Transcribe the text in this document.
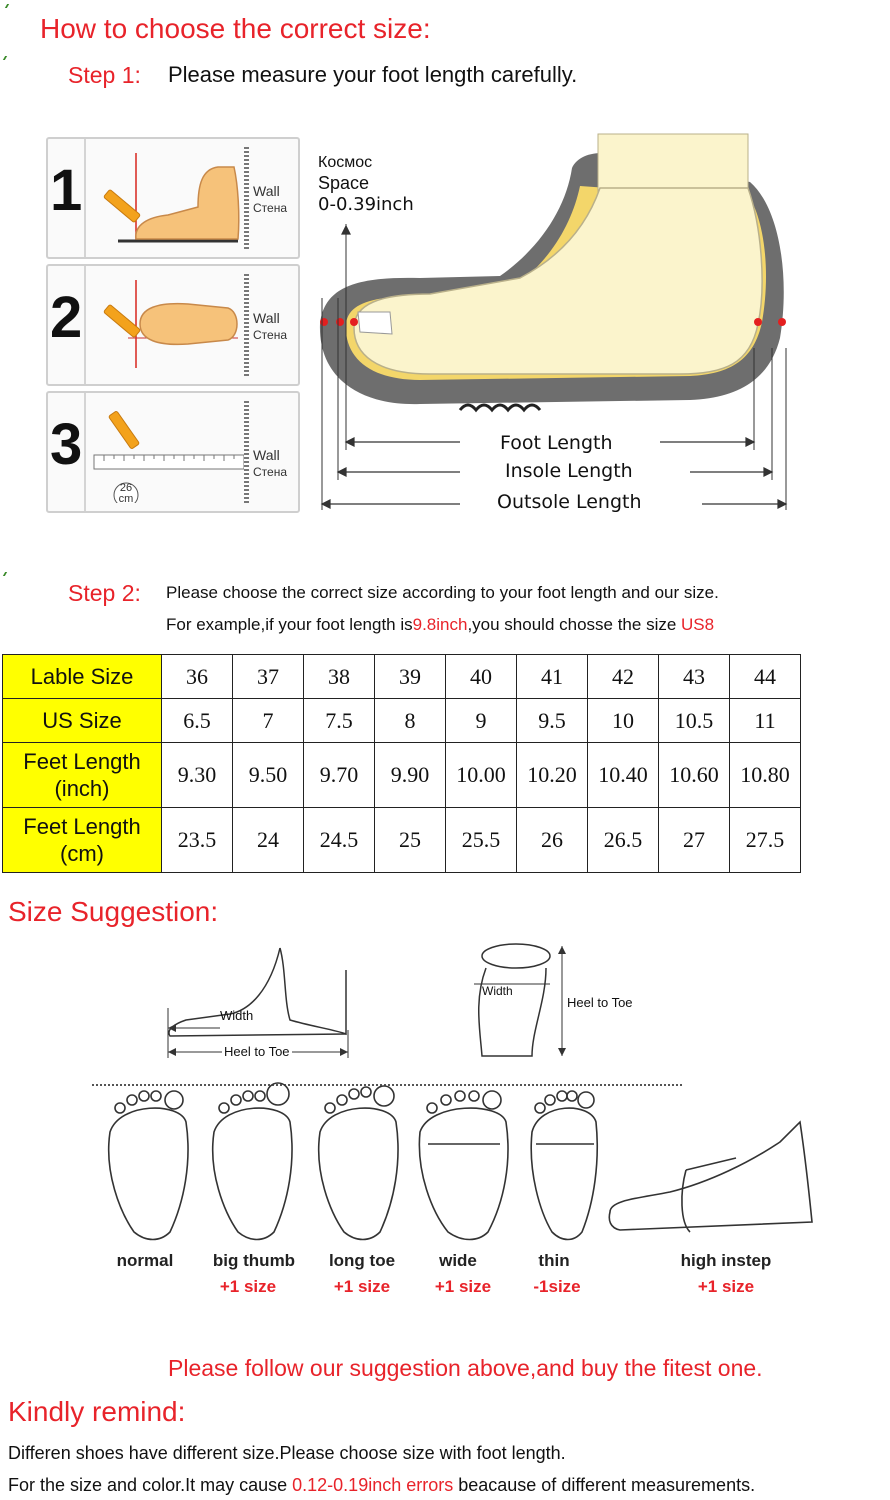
How to choose the correct size:
Step 1: Please measure your foot length carefully.
1	Wall
Стена
2	Wall
Стена
3
26
cm
Wall
Стена
Космос
Space
0-0.39inch
Foot Length
Insole Length
Outsole Length
Step 2: Please choose the correct size according to your foot length and our size.
For example,if your foot length is9.8inch,you should chosse the size US8
Lable Size	36	37	38	39	40	41	42	43	44
US Size	6.5	7	7.5	8	9	9.5	10	10.5	11

Feet Length
(inch)	9.30	9.50	9.70	9.90	10.00	10.20	10.40	10.60	10.80

Feet Length
(cm)	23.5	24	24.5	25	25.5	26	26.5	27	27.5
Size Suggestion:
Width
Heel to Toe
Width
Heel to Toe
normal	big thumb
+1 size
long toe
+1 size
wide
+1 size
thin
-1size
high instep
+1 size
Please follow our suggestion above,and buy the fitest one.
Kindly remind:
Differen shoes have different size.Please choose size with foot length.
For the size and color.It may cause 0.12-0.19inch errors beacause of different measurements.
